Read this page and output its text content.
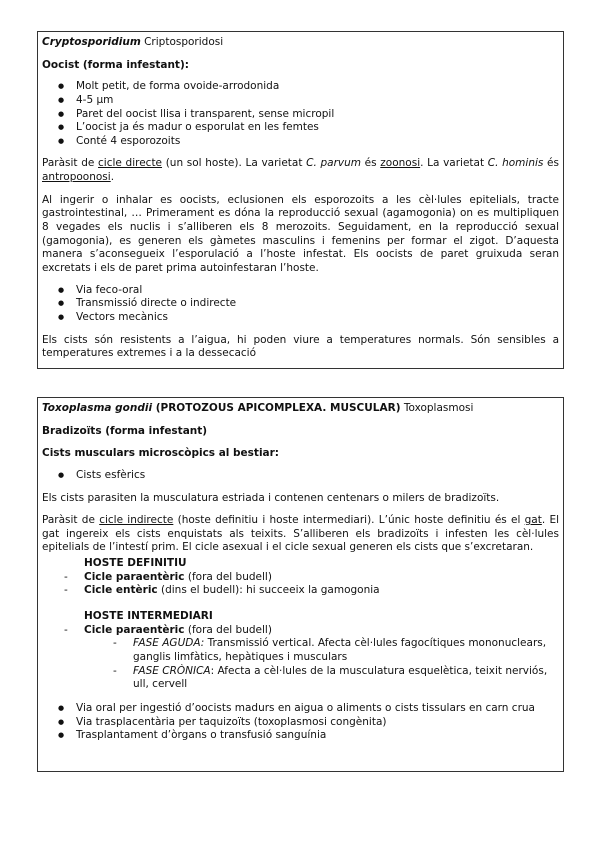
Cryptosporidium Criptosporidosi

Oocist (forma infestant):

● Molt petit, de forma ovoide-arrodonida
● 4-5 μm
● Paret del oocist llisa i transparent, sense micropil
● L’oocist ja és madur o esporulat en les femtes
● Conté 4 esporozoits

Paràsit de cicle directe (un sol hoste). La varietat C. parvum és zoonosi. La varietat C. hominis és antropoonosi.

Al ingerir o inhalar es oocists, eclusionen els esporozoits a les cèl·lules epitelials, tracte gastrointestinal, … Primerament es dóna la reproducció sexual (agamogonia) on es multipliquen 8 vegades els nuclis i s’alliberen els 8 merozoits. Seguidament, en la reproducció sexual (gamogonia), es generen els gàmetes masculins i femenins per formar el zigot. D’aquesta manera s’aconsegueix l’esporulació a l’hoste infestat. Els oocists de paret gruixuda seran excretats i els de paret prima autoinfestaran l’hoste.

● Via feco-oral
● Transmissió directe o indirecte
● Vectors mecànics

Els cists són resistents a l’aigua, hi poden viure a temperatures normals. Són sensibles a temperatures extremes i a la dessecació

Toxoplasma gondii (PROTOZOUS APICOMPLEXA. MUSCULAR) Toxoplasmosi

Bradizoïts (forma infestant)

Cists musculars microscòpics al bestiar:

● Cists esfèrics

Els cists parasiten la musculatura estriada i contenen centenars o milers de bradizoïts.

Paràsit de cicle indirecte (hoste definitiu i hoste intermediari). L’únic hoste definitiu és el gat. El gat ingereix els cists enquistats als teixits. S’alliberen els bradizoïts i infesten les cèl·lules epitelials de l’intestí prim. El cicle asexual i el cicle sexual generen els cists que s’excretaran.

HOSTE DEFINITIU

- Cicle paraentèric (fora del budell)
- Cicle entèric (dins el budell): hi succeeix la gamogonia

HOSTE INTERMEDIARI

- Cicle paraentèric (fora del budell)
- FASE AGUDA: Transmissió vertical. Afecta cèl·lules fagocítiques mononuclears, ganglis limfàtics, hepàtiques i musculars
- FASE CRÒNICA: Afecta a cèl·lules de la musculatura esquelètica, teixit nerviós, ull, cervell
● Via oral per ingestió d’oocists madurs en aigua o aliments o cists tissulars en carn crua
● Via trasplacentària per taquizoïts (toxoplasmosi congènita)
● Trasplantament d’òrgans o transfusió sanguínia
